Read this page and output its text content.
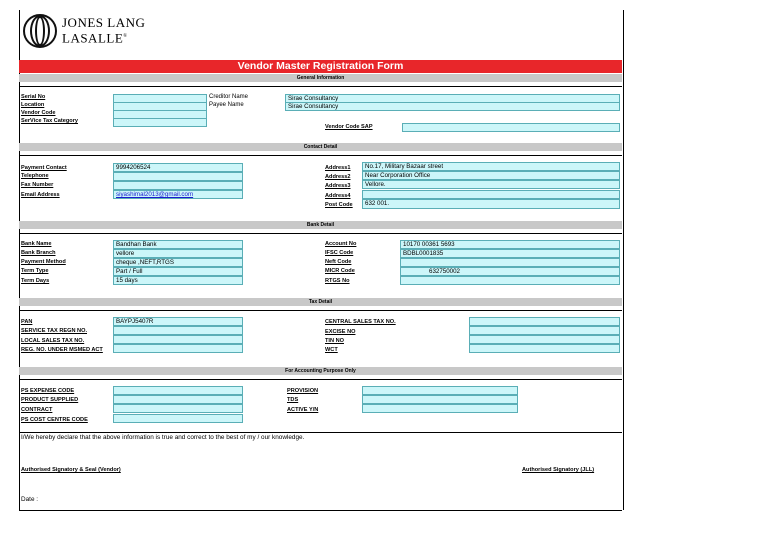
JONES LANG
LASALLE®
Vendor Master Registration Form
General Information
Serial No
Location
Vendor Code
SerVice Tax Category
Creditor Name
Payee Name
Sirae Consultancy
Sirae Consultancy
Vendor Code SAP
Contact Detail
Payment Contact
Telephone
Fax Number
Email Address
9994206524
siyashimal2013@gmail.com
Address1
Address2
Address3
Address4
Post Code
No.17, Military Bazaar street
Near Corporation Office
Vellore.
632 001.
Bank Detail
Bank Name
Bank Branch
Payment Method
Term Type
Term Days
Bandhan Bank
vellore
cheque ,NEFT,RTGS
Part / Full
15 days
Account No
IFSC Code
Neft Code
MICR Code
RTGS No
10170 00361 5693
BDBL0001835
632750002
Tax Detail
PAN
SERVICE TAX REGN NO.
LOCAL SALES TAX NO.
REG. NO. UNDER MSMED ACT
BAYPJ5407R	CENTRAL SALES TAX NO.
EXCISE NO
TIN NO
WCT
For Accounting Purpose Only
PS EXPENSE CODE
PRODUCT SUPPLIED
CONTRACT
PS COST CENTRE CODE
PROVISION
TDS
ACTIVE Y/N
I/We hereby declare that the above information is true and correct to the best of my / our knowledge.
Authorised Signatory & Seal (Vendor)	Authorised Signatory (JLL)
Date :
